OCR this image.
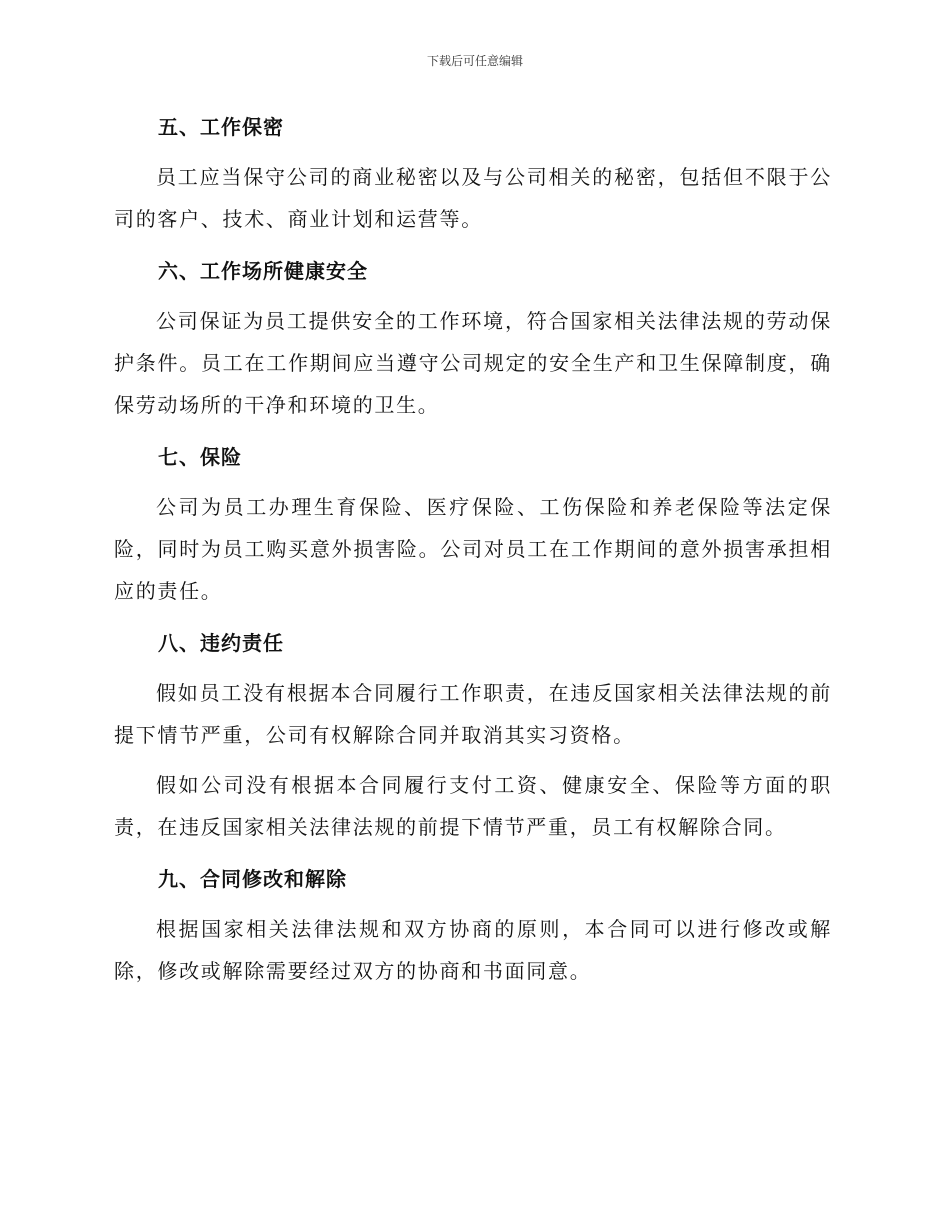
下载后可任意编辑
五、工作保密

员工应当保守公司的商业秘密以及与公司相关的秘密，包括但不限于公司的客户、技术、商业计划和运营等。

六、工作场所健康安全

公司保证为员工提供安全的工作环境，符合国家相关法律法规的劳动保护条件。员工在工作期间应当遵守公司规定的安全生产和卫生保障制度，确保劳动场所的干净和环境的卫生。

七、保险

公司为员工办理生育保险、医疗保险、工伤保险和养老保险等法定保险，同时为员工购买意外损害险。公司对员工在工作期间的意外损害承担相应的责任。

八、违约责任

假如员工没有根据本合同履行工作职责，在违反国家相关法律法规的前提下情节严重，公司有权解除合同并取消其实习资格。

假如公司没有根据本合同履行支付工资、健康安全、保险等方面的职责，在违反国家相关法律法规的前提下情节严重，员工有权解除合同。

九、合同修改和解除

根据国家相关法律法规和双方协商的原则，本合同可以进行修改或解除，修改或解除需要经过双方的协商和书面同意。
